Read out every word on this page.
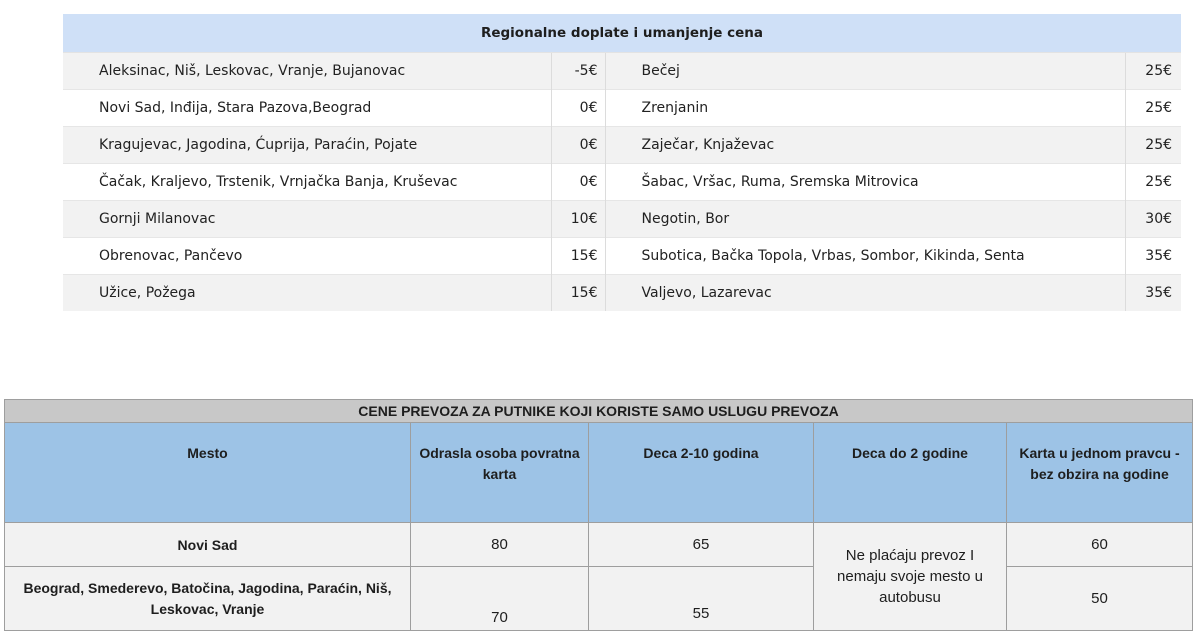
Regionalne doplate i umanjenje cena			
Aleksinac, Niš, Leskovac, Vranje, Bujanovac	-5€	Bečej	25€
Novi Sad, Inđija, Stara Pazova,Beograd	0€	Zrenjanin	25€
Kragujevac, Jagodina, Ćuprija, Paraćin, Pojate	0€	Zaječar, Knjaževac	25€
Čačak, Kraljevo, Trstenik, Vrnjačka Banja, Kruševac	0€	Šabac, Vršac, Ruma, Sremska Mitrovica	25€
Gornji Milanovac	10€	Negotin, Bor	30€
Obrenovac, Pančevo	15€	Subotica, Bačka Topola, Vrbas, Sombor, Kikinda, Senta	35€
Užice, Požega	15€	Valjevo, Lazarevac	35€
CENE PREVOZA ZA PUTNIKE KOJI KORISTE SAMO USLUGU PREVOZA				
Mesto	Odrasla osoba povratna karta	Deca 2-10 godina	Deca do 2 godine	Karta u jednom pravcu - bez obzira na godine
Novi Sad	80	65	Ne plaćaju prevoz I nemaju svoje mesto u autobusu	60
Beograd, Smederevo, Batočina, Jagodina, Paraćin, Niš, Leskovac, Vranje	70	55		50
